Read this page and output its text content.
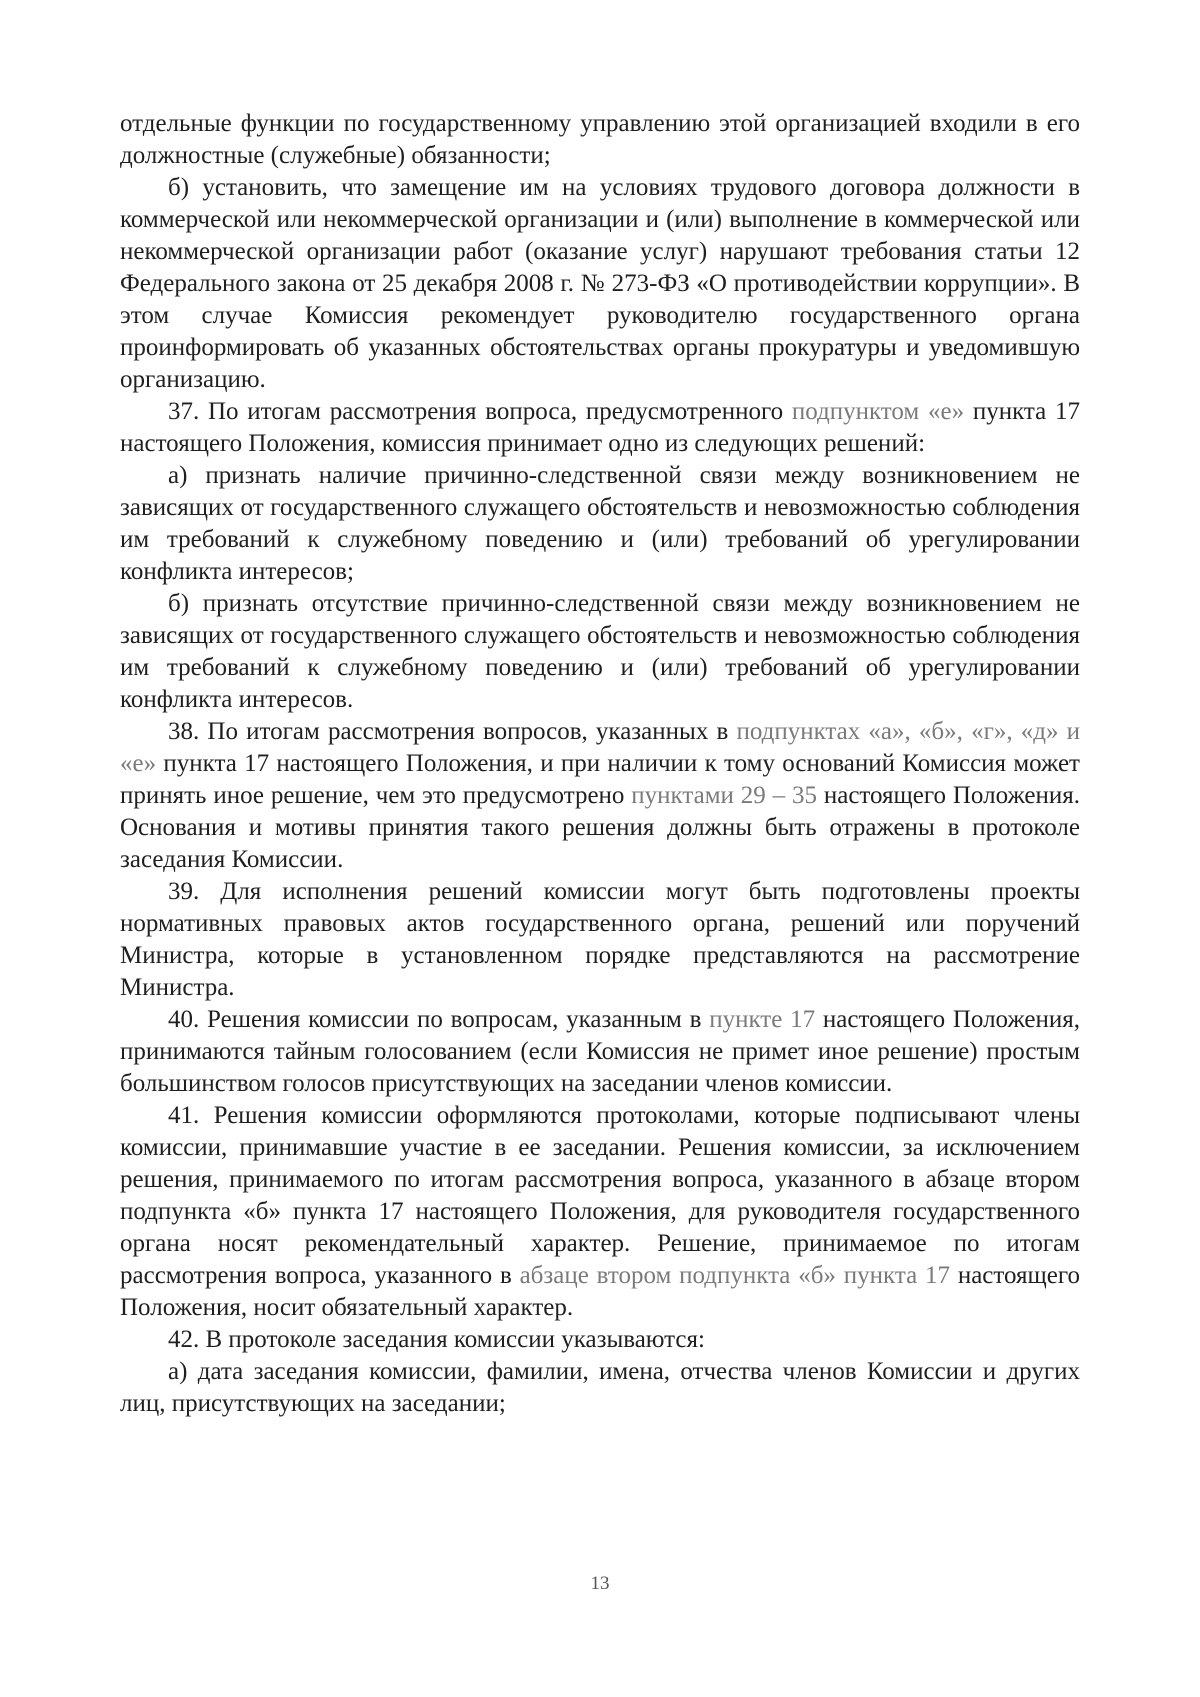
отдельные функции по государственному управлению этой организацией входили в его должностные (служебные) обязанности;

б) установить, что замещение им на условиях трудового договора должности в коммерческой или некоммерческой организации и (или) выполнение в коммерческой или некоммерческой организации работ (оказание услуг) нарушают требования статьи 12 Федерального закона от 25 декабря 2008 г. № 273-ФЗ «О противодействии коррупции». В этом случае Комиссия рекомендует руководителю государственного органа проинформировать об указанных обстоятельствах органы прокуратуры и уведомившую организацию.

37. По итогам рассмотрения вопроса, предусмотренного подпунктом «е» пункта 17 настоящего Положения, комиссия принимает одно из следующих решений:

а) признать наличие причинно-следственной связи между возникновением не зависящих от государственного служащего обстоятельств и невозможностью соблюдения им требований к служебному поведению и (или) требований об урегулировании конфликта интересов;

б) признать отсутствие причинно-следственной связи между возникновением не зависящих от государственного служащего обстоятельств и невозможностью соблюдения им требований к служебному поведению и (или) требований об урегулировании конфликта интересов.

38. По итогам рассмотрения вопросов, указанных в подпунктах «а», «б», «г», «д» и «е» пункта 17 настоящего Положения, и при наличии к тому оснований Комиссия может принять иное решение, чем это предусмотрено пунктами 29 – 35 настоящего Положения. Основания и мотивы принятия такого решения должны быть отражены в протоколе заседания Комиссии.

39. Для исполнения решений комиссии могут быть подготовлены проекты нормативных правовых актов государственного органа, решений или поручений Министра, которые в установленном порядке представляются на рассмотрение Министра.

40. Решения комиссии по вопросам, указанным в пункте 17 настоящего Положения, принимаются тайным голосованием (если Комиссия не примет иное решение) простым большинством голосов присутствующих на заседании членов комиссии.

41. Решения комиссии оформляются протоколами, которые подписывают члены комиссии, принимавшие участие в ее заседании. Решения комиссии, за исключением решения, принимаемого по итогам рассмотрения вопроса, указанного в абзаце втором подпункта «б» пункта 17 настоящего Положения, для руководителя государственного органа носят рекомендательный характер. Решение, принимаемое по итогам рассмотрения вопроса, указанного в абзаце втором подпункта «б» пункта 17 настоящего Положения, носит обязательный характер.

42. В протоколе заседания комиссии указываются:

а) дата заседания комиссии, фамилии, имена, отчества членов Комиссии и других лиц, присутствующих на заседании;

13
